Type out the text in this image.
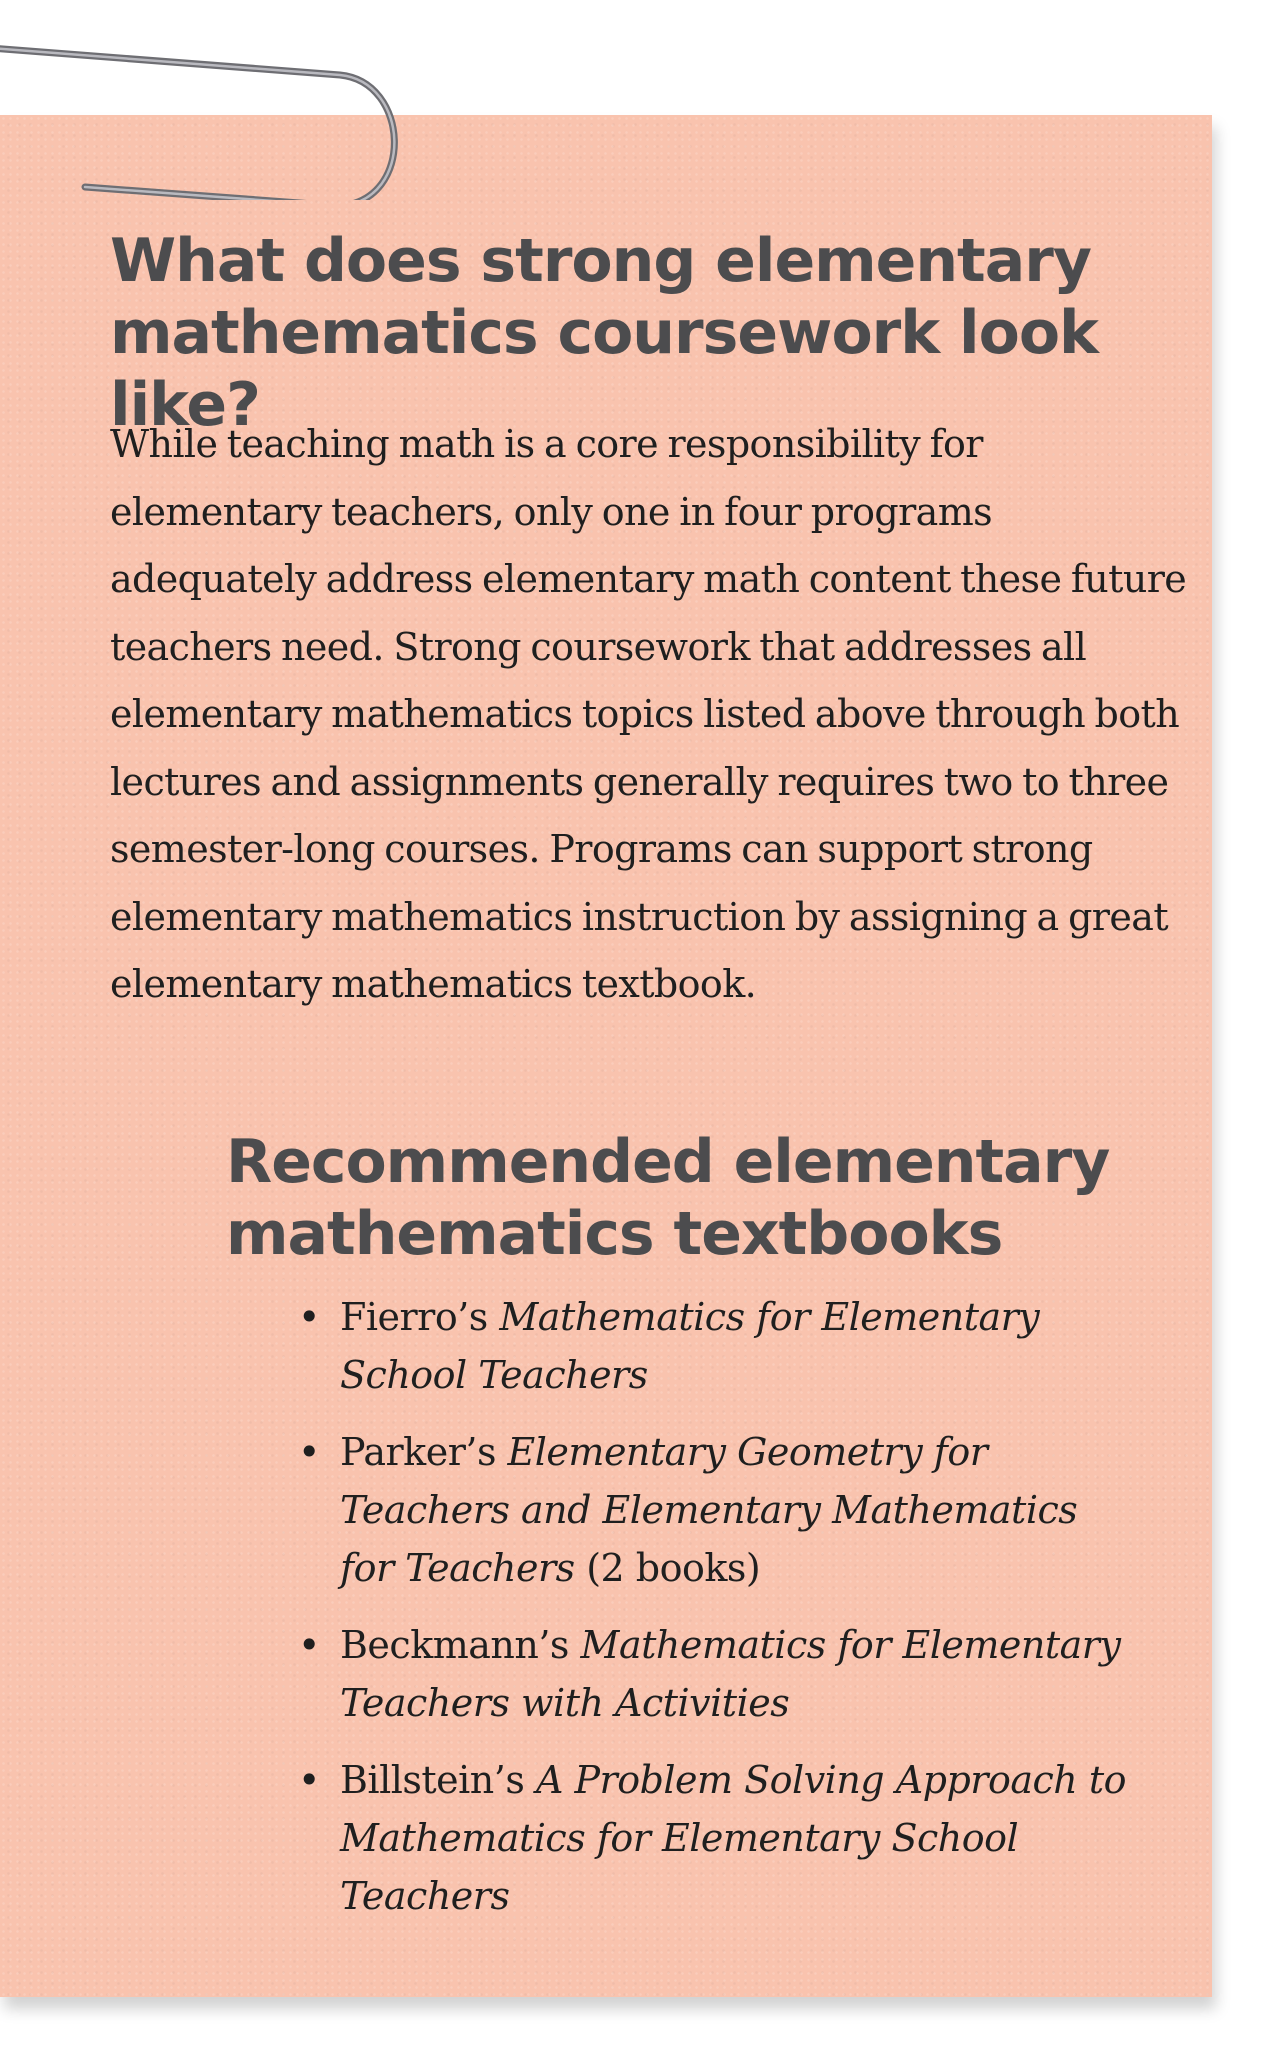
What does strong elementary mathematics coursework look like?

While teaching math is a core responsibility for elementary teachers, only one in four programs adequately address elementary math content these future teachers need. Strong coursework that addresses all elementary mathematics topics listed above through both lectures and assignments generally requires two to three semester-long courses. Programs can support strong elementary mathematics instruction by assigning a great elementary mathematics textbook.

Recommended elementary mathematics textbooks
• Fierro’s Mathematics for Elementary School Teachers
• Parker’s Elementary Geometry for Teachers and Elementary Mathematics for Teachers (2 books)
• Beckmann’s Mathematics for Elementary Teachers with Activities
• Billstein’s A Problem Solving Approach to Mathematics for Elementary School Teachers
